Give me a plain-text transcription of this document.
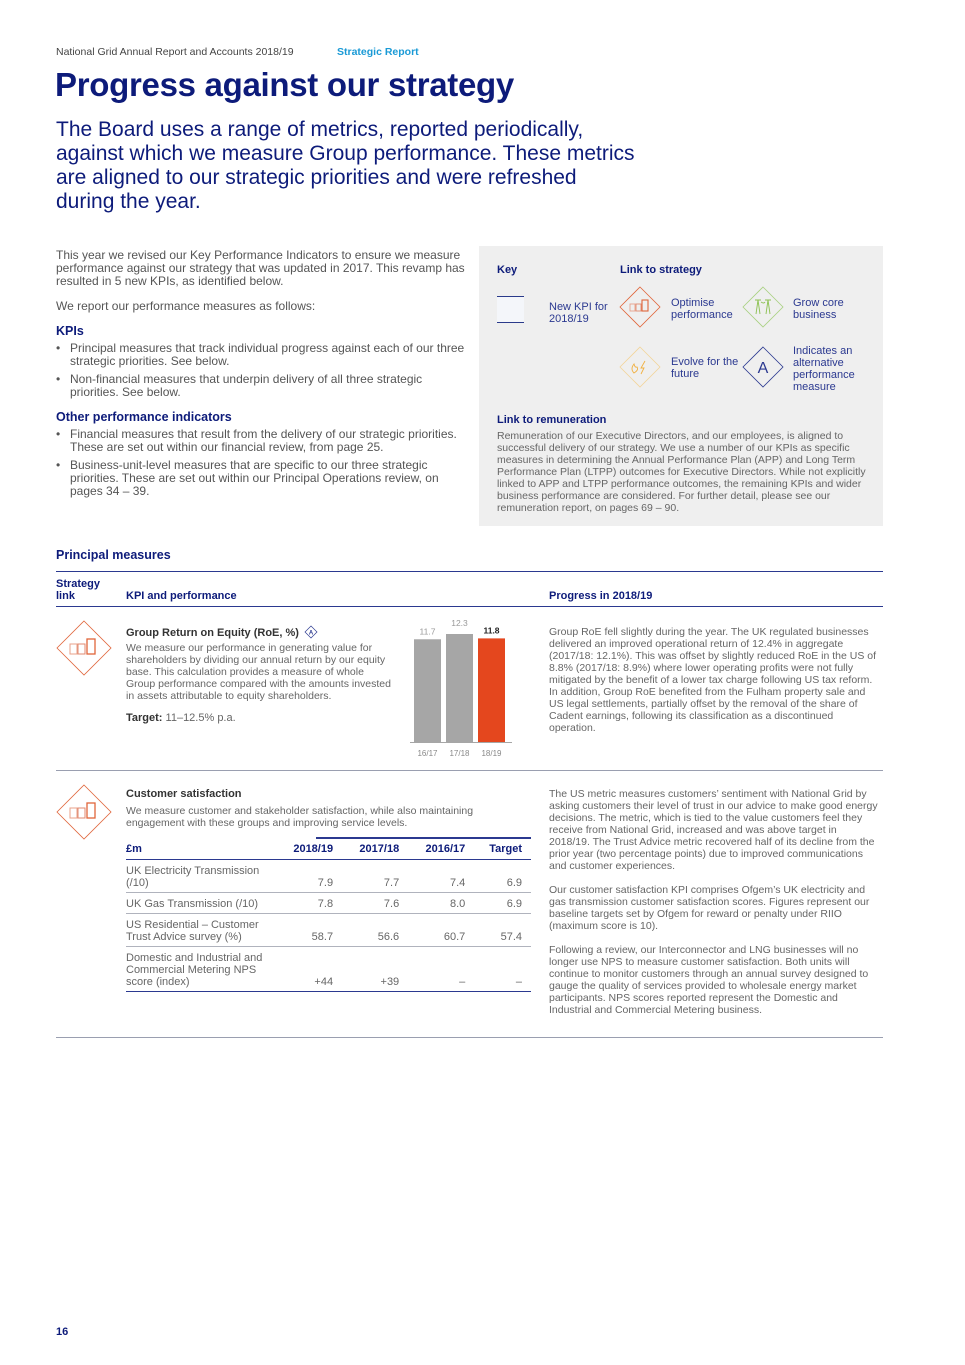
National Grid Annual Report and Accounts 2018/19	Strategic Report
Progress against our strategy
The Board uses a range of metrics, reported periodically, against which we measure Group performance. These metrics are aligned to our strategic priorities and were refreshed during the year.

This year we revised our Key Performance Indicators to ensure we measure performance against our strategy that was updated in 2017. This revamp has resulted in 5 new KPIs, as identified below.

We report our performance measures as follows:

KPIs
• Principal measures that track individual progress against each of our three strategic priorities. See below.
• Non-financial measures that underpin delivery of all three strategic priorities. See below.
Other performance indicators
• Financial measures that result from the delivery of our strategic priorities. These are set out within our financial review, from page 25.
• Business-unit-level measures that are specific to our three strategic priorities. These are set out within our Principal Operations review, on pages 34 – 39.
Key	Link to strategy
New KPI for 2018/19
Optimise performance
Grow core business
Evolve for the future	A
Indicates an alternative performance measure
Link to remuneration
Remuneration of our Executive Directors, and our employees, is aligned to successful delivery of our strategy. We use a number of our KPIs as specific measures in determining the Annual Performance Plan (APP) and Long Term Performance Plan (LTPP) outcomes for Executive Directors. While not explicitly linked to APP and LTPP performance outcomes, the remaining KPIs and wider business performance are considered. For further detail, please see our remuneration report, on pages 69 – 90.
Principal measures
Strategy link	KPI and performance	Progress in 2018/19
Group Return on Equity (RoE, %) A
We measure our performance in generating value for shareholders by dividing our annual return by our equity base. This calculation provides a measure of whole Group performance compared with the amounts invested in assets attributable to equity shareholders.
Target: 11–12.5% p.a.
11.7
16/17
12.3
17/18
11.8
18/19
Group RoE fell slightly during the year. The UK regulated businesses delivered an improved operational return of 12.4% in aggregate (2017/18: 12.1%). This was offset by slightly reduced RoE in the US of 8.8% (2017/18: 8.9%) where lower operating profits were not fully mitigated by the benefit of a lower tax charge following US tax reform. In addition, Group RoE benefited from the Fulham property sale and US legal settlements, partially offset by the removal of the share of Cadent earnings, following its classification as a discontinued operation.
Customer satisfaction
We measure customer and stakeholder satisfaction, while also maintaining engagement with these groups and improving service levels.
£m	2018/19	2017/18	2016/17	Target
UK Electricity Transmission (/10)	7.9	7.7	7.4	6.9
UK Gas Transmission (/10)	7.8	7.6	8.0	6.9
US Residential – Customer Trust Advice survey (%)	58.7	56.6	60.7	57.4
Domestic and Industrial and Commercial Metering NPS score (index)	+44	+39	–	–

The US metric measures customers’ sentiment with National Grid by asking customers their level of trust in our advice to make good energy decisions. The metric, which is tied to the value customers feel they receive from National Grid, increased and was above target in 2018/19. The Trust Advice metric recovered half of its decline from the prior year (two percentage points) due to improved communications and customer experiences.

Our customer satisfaction KPI comprises Ofgem’s UK electricity and gas transmission customer satisfaction scores. Figures represent our baseline targets set by Ofgem for reward or penalty under RIIO (maximum score is 10).

Following a review, our Interconnector and LNG businesses will no longer use NPS to measure customer satisfaction. Both units will continue to monitor customers through an annual survey designed to gauge the quality of services provided to wholesale energy market participants. NPS scores reported represent the Domestic and Industrial and Commercial Metering business.

16
